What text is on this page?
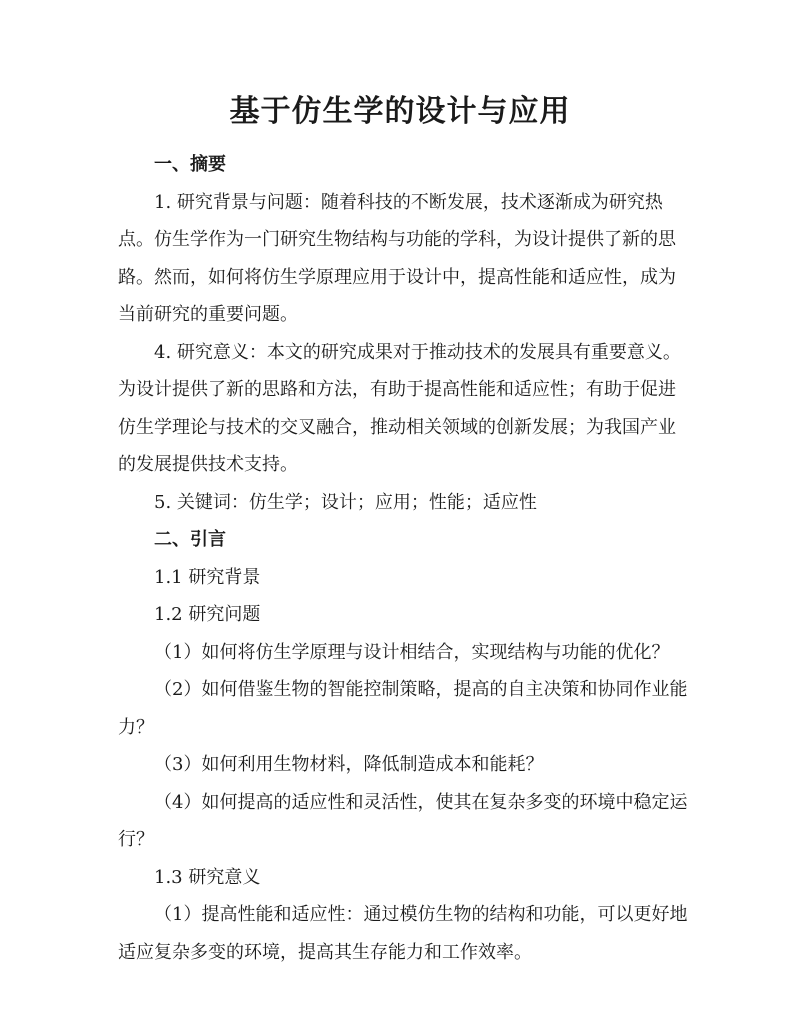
基于仿生学的设计与应用

一、摘要

1. 研究背景与问题：随着科技的不断发展，技术逐渐成为研究热点。仿生学作为一门研究生物结构与功能的学科，为设计提供了新的思路。然而，如何将仿生学原理应用于设计中，提高性能和适应性，成为当前研究的重要问题。

4. 研究意义：本文的研究成果对于推动技术的发展具有重要意义。为设计提供了新的思路和方法，有助于提高性能和适应性；有助于促进仿生学理论与技术的交叉融合，推动相关领域的创新发展；为我国产业的发展提供技术支持。

5. 关键词：仿生学；设计；应用；性能；适应性

二、引言

1.1 研究背景

1.2 研究问题

（1）如何将仿生学原理与设计相结合，实现结构与功能的优化？

（2）如何借鉴生物的智能控制策略，提高的自主决策和协同作业能力？

（3）如何利用生物材料，降低制造成本和能耗？

（4）如何提高的适应性和灵活性，使其在复杂多变的环境中稳定运行？

1.3 研究意义

（1）提高性能和适应性：通过模仿生物的结构和功能，可以更好地适应复杂多变的环境，提高其生存能力和工作效率。
